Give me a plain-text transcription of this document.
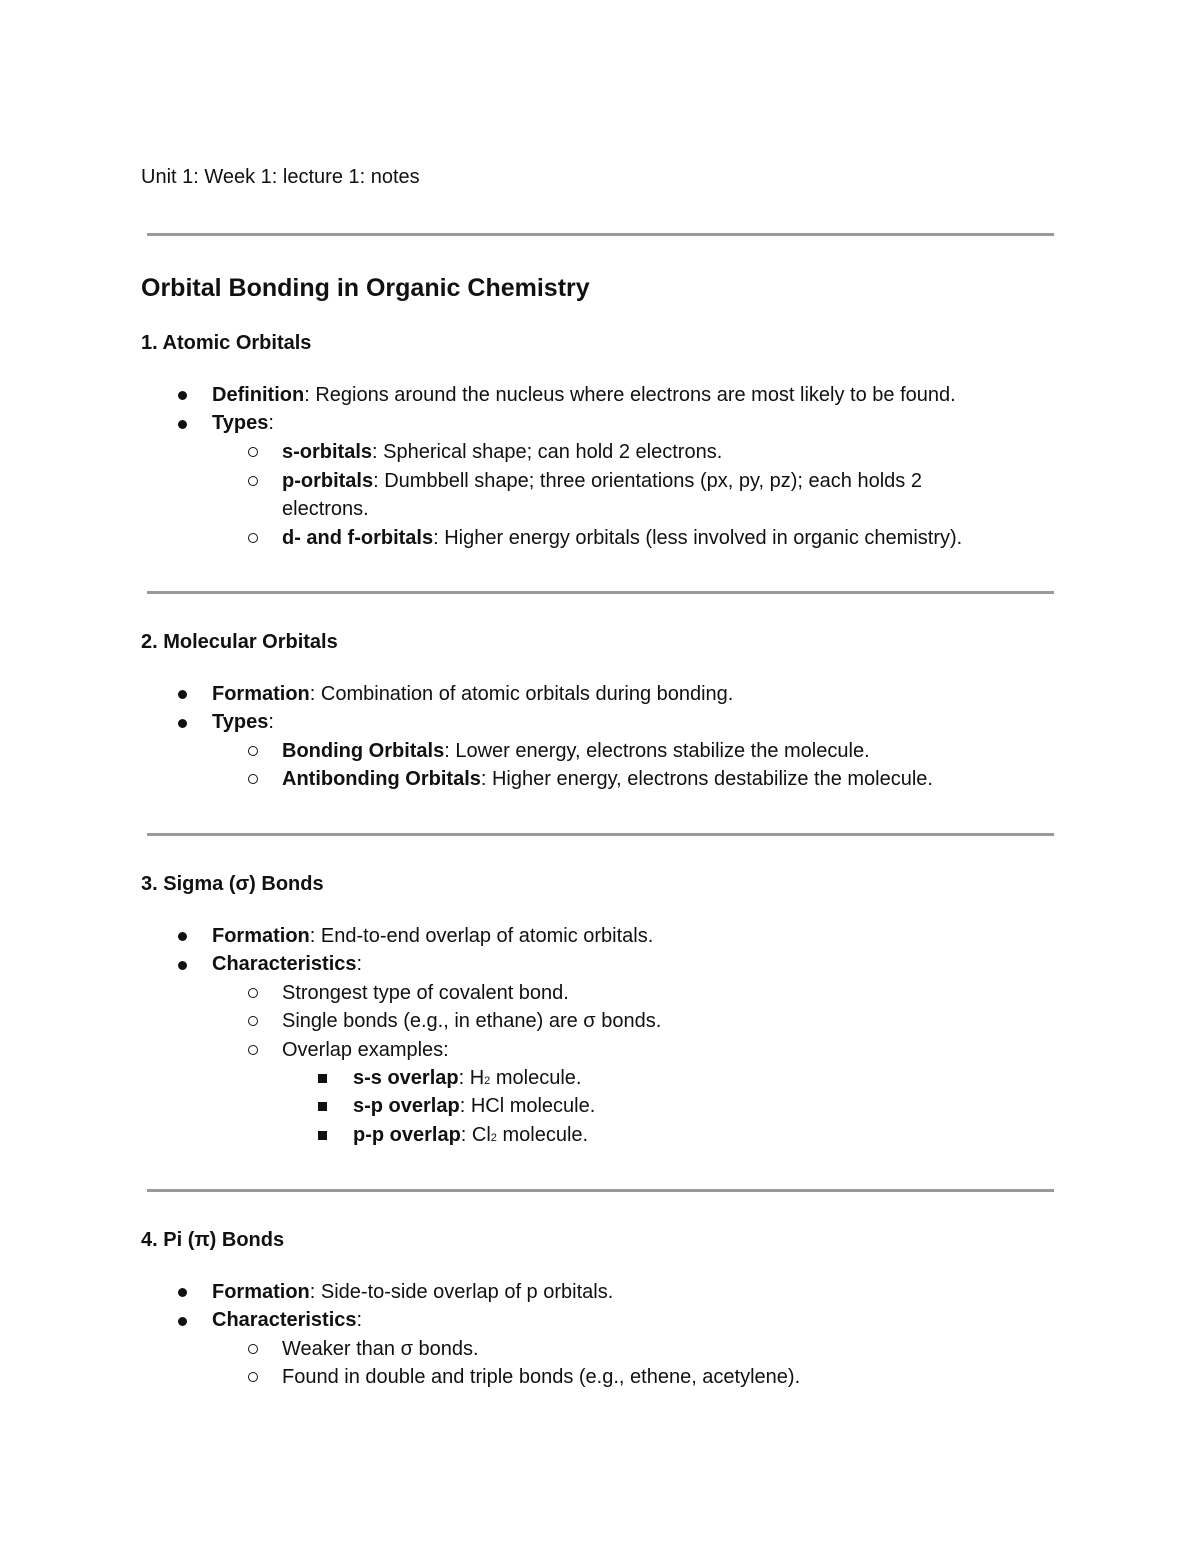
Unit 1: Week 1: lecture 1: notes
Orbital Bonding in Organic Chemistry
1. Atomic Orbitals
Definition: Regions around the nucleus where electrons are most likely to be found.
Types:
s-orbitals: Spherical shape; can hold 2 electrons.
p-orbitals: Dumbbell shape; three orientations (px, py, pz); each holds 2
electrons.
d- and f-orbitals: Higher energy orbitals (less involved in organic chemistry).
2. Molecular Orbitals
Formation: Combination of atomic orbitals during bonding.
Types:
Bonding Orbitals: Lower energy, electrons stabilize the molecule.
Antibonding Orbitals: Higher energy, electrons destabilize the molecule.
3. Sigma (σ) Bonds
Formation: End-to-end overlap of atomic orbitals.
Characteristics:
Strongest type of covalent bond.
Single bonds (e.g., in ethane) are σ bonds.
Overlap examples:
s-s overlap: H2 molecule.
s-p overlap: HCl molecule.
p-p overlap: Cl2 molecule.
4. Pi (π) Bonds
Formation: Side-to-side overlap of p orbitals.
Characteristics:
Weaker than σ bonds.
Found in double and triple bonds (e.g., ethene, acetylene).
